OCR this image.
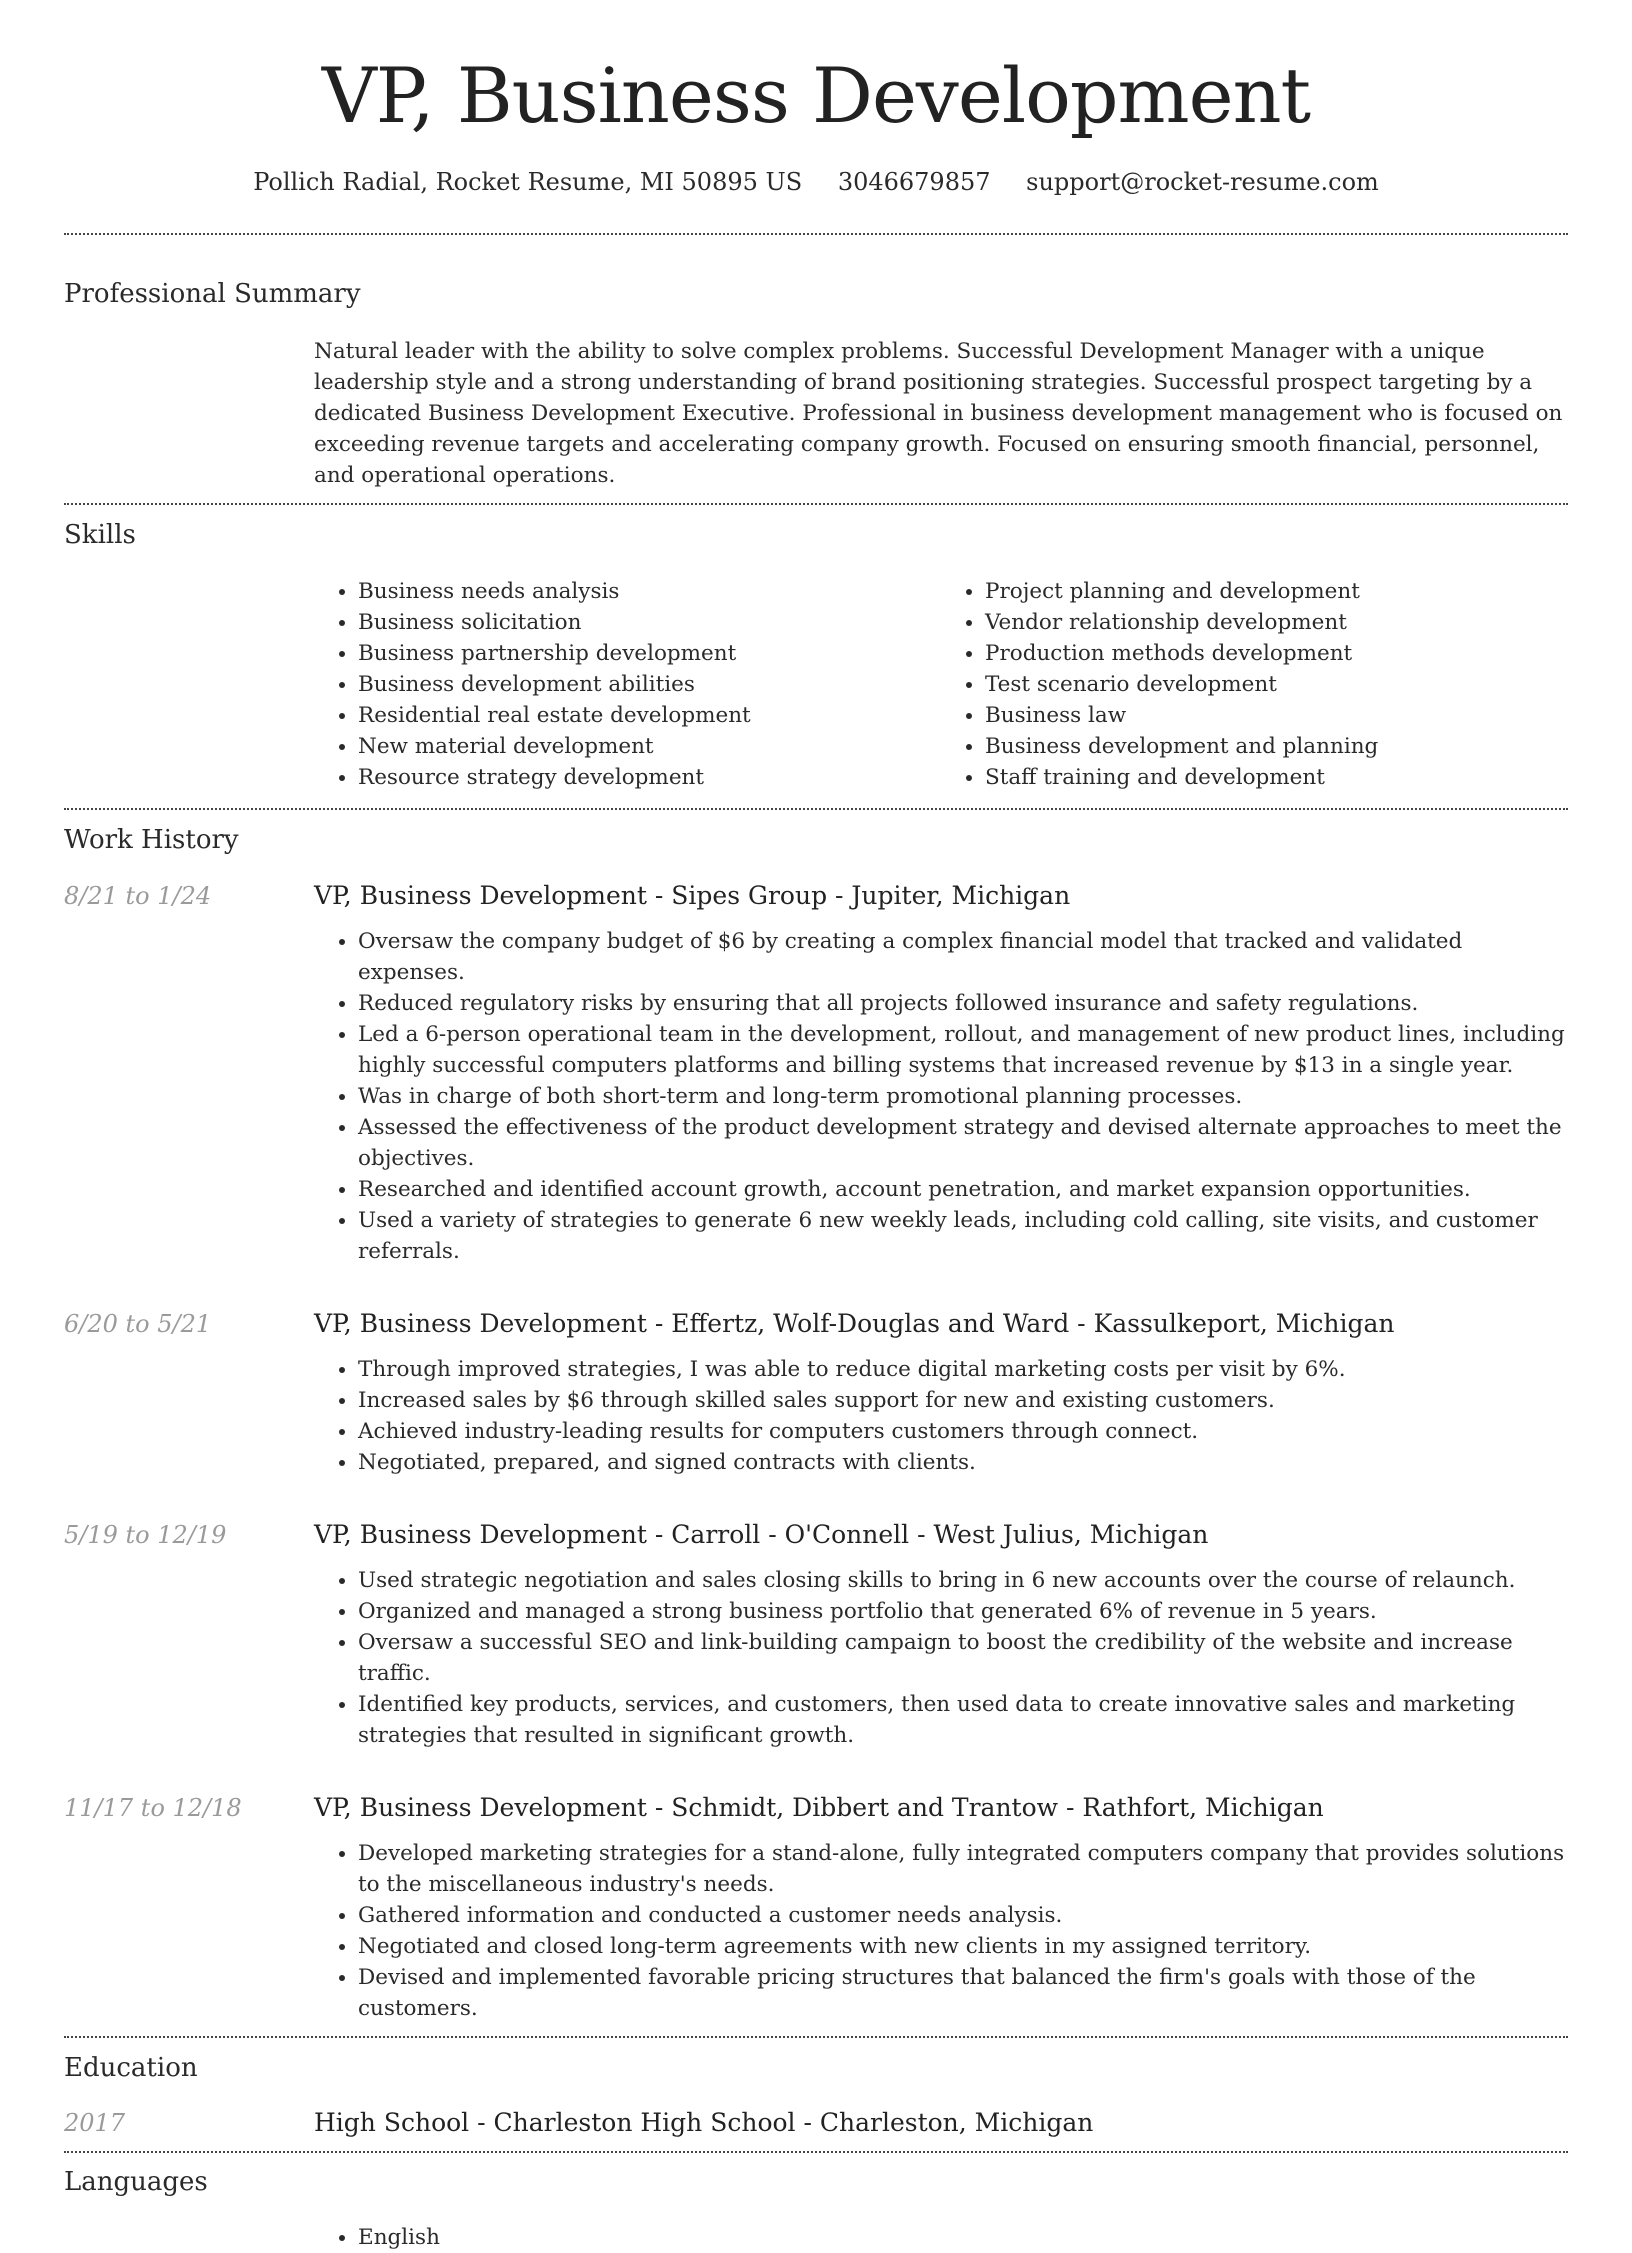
VP, Business Development
Pollich Radial, Rocket Resume, MI 50895 US 3046679857 support@rocket-resume.com
Professional Summary
Natural leader with the ability to solve complex problems. Successful Development Manager with a unique leadership style and a strong understanding of brand positioning strategies. Successful prospect targeting by a dedicated Business Development Executive. Professional in business development management who is focused on exceeding revenue targets and accelerating company growth. Focused on ensuring smooth financial, personnel, and operational operations.
Skills
• Business needs analysis
• Business solicitation
• Business partnership development
• Business development abilities
• Residential real estate development
• New material development
• Resource strategy development
• Project planning and development
• Vendor relationship development
• Production methods development
• Test scenario development
• Business law
• Business development and planning
• Staff training and development
Work History
8/21 to 1/24	VP, Business Development - Sipes Group - Jupiter, Michigan
• Oversaw the company budget of $6 by creating a complex financial model that tracked and validated expenses.
• Reduced regulatory risks by ensuring that all projects followed insurance and safety regulations.
• Led a 6-person operational team in the development, rollout, and management of new product lines, including highly successful computers platforms and billing systems that increased revenue by $13 in a single year.
• Was in charge of both short-term and long-term promotional planning processes.
• Assessed the effectiveness of the product development strategy and devised alternate approaches to meet the objectives.
• Researched and identified account growth, account penetration, and market expansion opportunities.
• Used a variety of strategies to generate 6 new weekly leads, including cold calling, site visits, and customer referrals.
6/20 to 5/21	VP, Business Development - Effertz, Wolf-Douglas and Ward - Kassulkeport, Michigan
• Through improved strategies, I was able to reduce digital marketing costs per visit by 6%.
• Increased sales by $6 through skilled sales support for new and existing customers.
• Achieved industry-leading results for computers customers through connect.
• Negotiated, prepared, and signed contracts with clients.
5/19 to 12/19	VP, Business Development - Carroll - O'Connell - West Julius, Michigan
• Used strategic negotiation and sales closing skills to bring in 6 new accounts over the course of relaunch.
• Organized and managed a strong business portfolio that generated 6% of revenue in 5 years.
• Oversaw a successful SEO and link-building campaign to boost the credibility of the website and increase traffic.
• Identified key products, services, and customers, then used data to create innovative sales and marketing strategies that resulted in significant growth.
11/17 to 12/18	VP, Business Development - Schmidt, Dibbert and Trantow - Rathfort, Michigan
• Developed marketing strategies for a stand-alone, fully integrated computers company that provides solutions to the miscellaneous industry's needs.
• Gathered information and conducted a customer needs analysis.
• Negotiated and closed long-term agreements with new clients in my assigned territory.
• Devised and implemented favorable pricing structures that balanced the firm's goals with those of the customers.
Education
2017	High School - Charleston High School - Charleston, Michigan
Languages
• English
